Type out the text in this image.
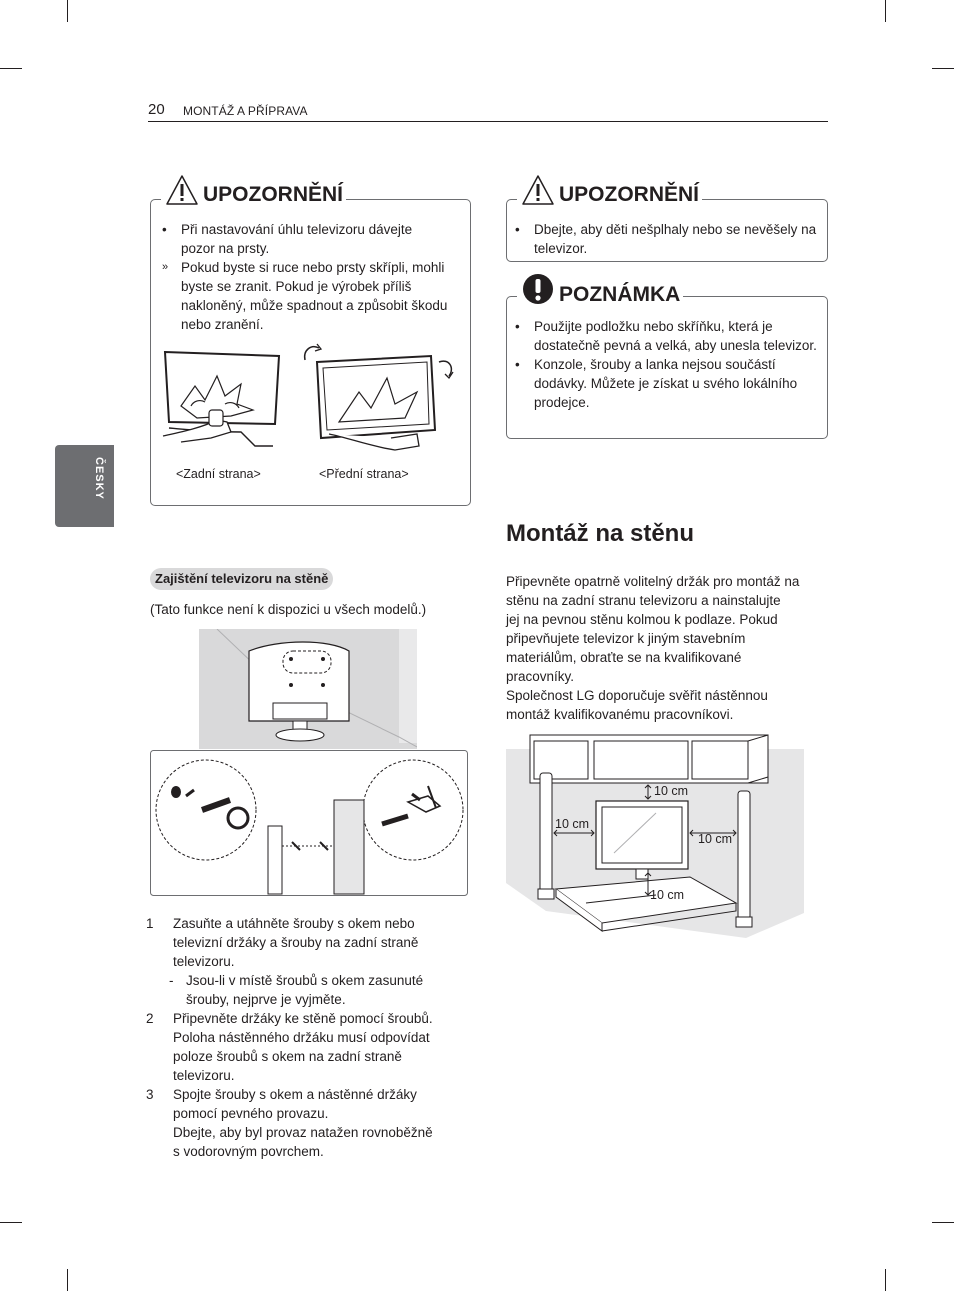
20 MONTÁŽ A PŘÍPRAVA
ČESKY
UPOZORNĚNÍ
• Při nastavování úhlu televizoru dávejte pozor na prsty.
» Pokud byste si ruce nebo prsty skřípli, mohli byste se zranit. Pokud je výrobek příliš nakloněný, může spadnout a způsobit škodu nebo zranění.
<Zadní strana>	<Přední strana>
UPOZORNĚNÍ
• Dbejte, aby děti nešplhaly nebo se nevěšely na televizor.
POZNÁMKA
• Použijte podložku nebo skříňku, která je dostatečně pevná a velká, aby unesla televizor.
• Konzole, šrouby a lanka nejsou součástí dodávky. Můžete je získat u svého lokálního prodejce.
Zajištění televizoru na stěně
(Tato funkce není k dispozici u všech modelů.)
1 Zasuňte a utáhněte šrouby s okem nebo
televizní držáky a šrouby na zadní straně
televizoru.
- Jsou-li v místě šroubů s okem zasunuté
šrouby, nejprve je vyjměte.
2 Připevněte držáky ke stěně pomocí šroubů.
Poloha nástěnného držáku musí odpovídat
poloze šroubů s okem na zadní straně
televizoru.
3 Spojte šrouby s okem a nástěnné držáky
pomocí pevného provazu.
Dbejte, aby byl provaz natažen rovnoběžně
s vodorovným povrchem.
Montáž na stěnu
Připevněte opatrně volitelný držák pro montáž na
stěnu na zadní stranu televizoru a nainstalujte
jej na pevnou stěnu kolmou k podlaze. Pokud
připevňujete televizor k jiným stavebním
materiálům, obraťte se na kvalifikované
pracovníky.
Společnost LG doporučuje svěřit nástěnnou
montáž kvalifikovanému pracovníkovi.
10 cm
10 cm
10 cm
10 cm
